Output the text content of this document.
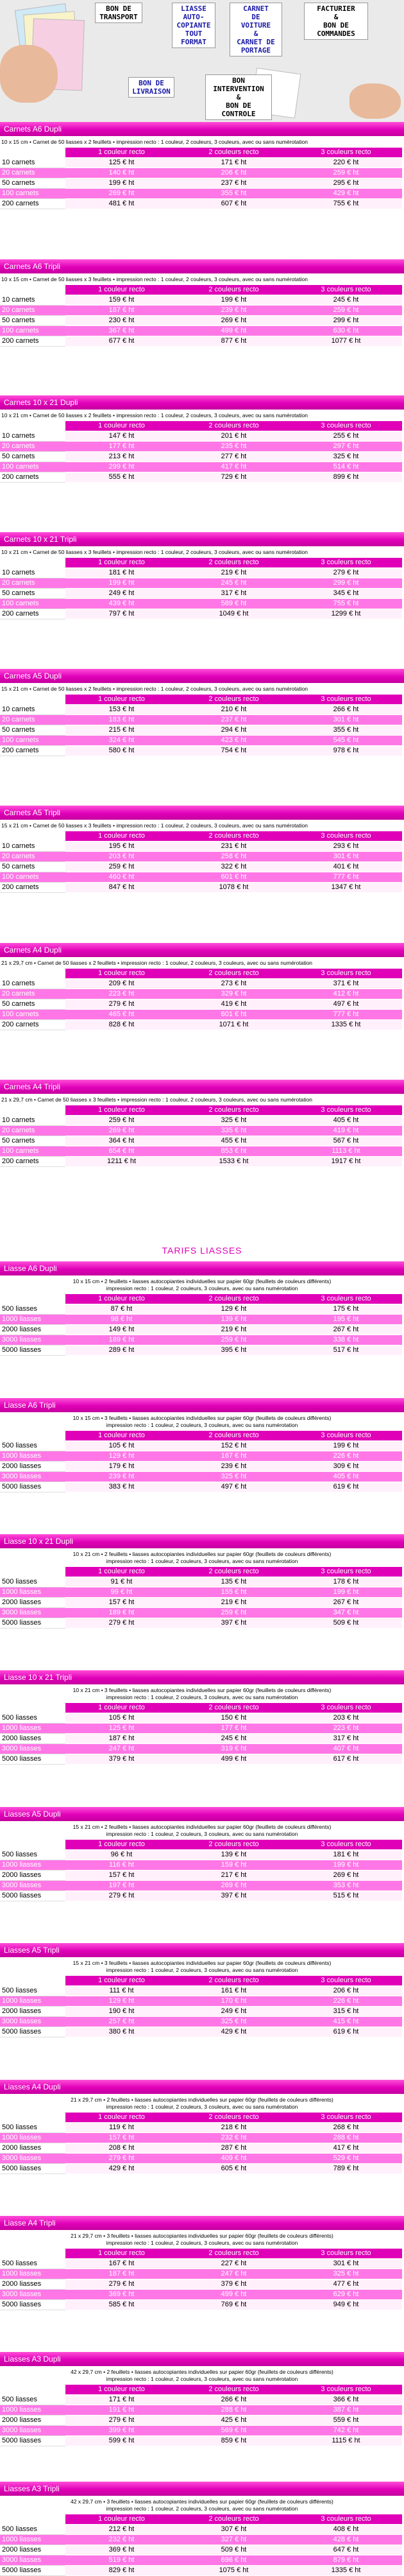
BON DE
TRANSPORT
LIASSE
AUTO-
COPIANTE
TOUT
FORMAT
CARNET
DE
VOITURE
&
CARNET DE
PORTAGE
FACTURIER
&
BON DE
COMMANDES
BON DE
LIVRAISON
BON
INTERVENTION
&
BON DE
CONTROLE
TARIFS LIASSES
Carnets A6 Dupli
10 x 15 cm • Carnet de 50 liasses x 2 feuillets • impression recto : 1 couleur, 2 couleurs, 3 couleurs, avec ou sans numérotation
	1 couleur recto	2 couleurs recto	3 couleurs recto
10 carnets	125 € ht	171 € ht	220 € ht
20 carnets	140 € ht	206 € ht	259 € ht
50 carnets	199 € ht	237 € ht	295 € ht
100 carnets	269 € ht	355 € ht	429 € ht
200 carnets	481 € ht	607 € ht	755 € ht
Carnets A6 Tripli
10 x 15 cm • Carnet de 50 liasses x 3 feuillets • impression recto : 1 couleur, 2 couleurs, 3 couleurs, avec ou sans numérotation
	1 couleur recto	2 couleurs recto	3 couleurs recto
10 carnets	159 € ht	199 € ht	245 € ht
20 carnets	187 € ht	239 € ht	259 € ht
50 carnets	230 € ht	269 € ht	299 € ht
100 carnets	367 € ht	499 € ht	630 € ht
200 carnets	677 € ht	877 € ht	1077 € ht
Carnets 10 x 21 Dupli
10 x 21 cm • Carnet de 50 liasses x 2 feuillets • impression recto : 1 couleur, 2 couleurs, 3 couleurs, avec ou sans numérotation
	1 couleur recto	2 couleurs recto	3 couleurs recto
10 carnets	147 € ht	201 € ht	255 € ht
20 carnets	177 € ht	235 € ht	297 € ht
50 carnets	213 € ht	277 € ht	325 € ht
100 carnets	299 € ht	417 € ht	514 € ht
200 carnets	555 € ht	729 € ht	899 € ht
Carnets 10 x 21 Tripli
10 x 21 cm • Carnet de 50 liasses x 3 feuillets • impression recto : 1 couleur, 2 couleurs, 3 couleurs, avec ou sans numérotation
	1 couleur recto	2 couleurs recto	3 couleurs recto
10 carnets	181 € ht	219 € ht	279 € ht
20 carnets	199 € ht	245 € ht	299 € ht
50 carnets	249 € ht	317 € ht	345 € ht
100 carnets	439 € ht	589 € ht	755 € ht
200 carnets	797 € ht	1049 € ht	1299 € ht
Carnets A5 Dupli
15 x 21 cm • Carnet de 50 liasses x 2 feuillets • impression recto : 1 couleur, 2 couleurs, 3 couleurs, avec ou sans numérotation
	1 couleur recto	2 couleurs recto	3 couleurs recto
10 carnets	153 € ht	210 € ht	266 € ht
20 carnets	183 € ht	237 € ht	301 € ht
50 carnets	215 € ht	294 € ht	355 € ht
100 carnets	324 € ht	423 € ht	545 € ht
200 carnets	580 € ht	754 € ht	978 € ht
Carnets A5 Tripli
15 x 21 cm • Carnet de 50 liasses x 3 feuillets • impression recto : 1 couleur, 2 couleurs, 3 couleurs, avec ou sans numérotation
	1 couleur recto	2 couleurs recto	3 couleurs recto
10 carnets	195 € ht	231 € ht	293 € ht
20 carnets	203 € ht	258 € ht	301 € ht
50 carnets	259 € ht	322 € ht	401 € ht
100 carnets	460 € ht	601 € ht	777 € ht
200 carnets	847 € ht	1078 € ht	1347 € ht
Carnets A4 Dupli
21 x 29,7 cm • Carnet de 50 liasses x 2 feuillets • impression recto : 1 couleur, 2 couleurs, 3 couleurs, avec ou sans numérotation
	1 couleur recto	2 couleurs recto	3 couleurs recto
10 carnets	209 € ht	273 € ht	371 € ht
20 carnets	223 € ht	329 € ht	412 € ht
50 carnets	279 € ht	419 € ht	497 € ht
100 carnets	465 € ht	601 € ht	777 € ht
200 carnets	828 € ht	1071 € ht	1335 € ht
Carnets A4 Tripli
21 x 29,7 cm • Carnet de 50 liasses x 3 feuillets • impression recto : 1 couleur, 2 couleurs, 3 couleurs, avec ou sans numérotation
	1 couleur recto	2 couleurs recto	3 couleurs recto
10 carnets	259 € ht	325 € ht	405 € ht
20 carnets	269 € ht	335 € ht	419 € ht
50 carnets	364 € ht	455 € ht	567 € ht
100 carnets	654 € ht	853 € ht	1113 € ht
200 carnets	1211 € ht	1533 € ht	1917 € ht
Liasse A6 Dupli
10 x 15 cm • 2 feuillets • liasses autocopiantes individuelles sur papier 60gr (feuillets de couleurs différents)
impression recto : 1 couleur, 2 couleurs, 3 couleurs, avec ou sans numérotation
	1 couleur recto	2 couleurs recto	3 couleurs recto
500 liasses	87 € ht	129 € ht	175 € ht
1000 liasses	98 € ht	139 € ht	195 € ht
2000 liasses	149 € ht	219 € ht	267 € ht
3000 liasses	189 € ht	259 € ht	338 € ht
5000 liasses	289 € ht	395 € ht	517 € ht
Liasse A6 Tripli
10 x 15 cm • 3 feuillets • liasses autocopiantes individuelles sur papier 60gr (feuillets de couleurs différents)
impression recto : 1 couleur, 2 couleurs, 3 couleurs, avec ou sans numérotation
	1 couleur recto	2 couleurs recto	3 couleurs recto
500 liasses	105 € ht	152 € ht	199 € ht
1000 liasses	129 € ht	167 € ht	226 € ht
2000 liasses	179 € ht	239 € ht	309 € ht
3000 liasses	239 € ht	325 € ht	405 € ht
5000 liasses	383 € ht	497 € ht	619 € ht
Liasse 10 x 21 Dupli
10 x 21 cm • 2 feuillets • liasses autocopiantes individuelles sur papier 60gr (feuillets de couleurs différents)
impression recto : 1 couleur, 2 couleurs, 3 couleurs, avec ou sans numérotation
	1 couleur recto	2 couleurs recto	3 couleurs recto
500 liasses	91 € ht	135 € ht	178 € ht
1000 liasses	99 € ht	155 € ht	199 € ht
2000 liasses	157 € ht	219 € ht	267 € ht
3000 liasses	189 € ht	259 € ht	347 € ht
5000 liasses	279 € ht	397 € ht	509 € ht
Liasse 10 x 21 Tripli
10 x 21 cm • 3 feuillets • liasses autocopiantes individuelles sur papier 60gr (feuillets de couleurs différents)
impression recto : 1 couleur, 2 couleurs, 3 couleurs, avec ou sans numérotation
	1 couleur recto	2 couleurs recto	3 couleurs recto
500 liasses	105 € ht	150 € ht	203 € ht
1000 liasses	125 € ht	177 € ht	223 € ht
2000 liasses	187 € ht	245 € ht	317 € ht
3000 liasses	247 € ht	319 € ht	407 € ht
5000 liasses	379 € ht	499 € ht	617 € ht
Liasses A5 Dupli
15 x 21 cm • 2 feuillets • liasses autocopiantes individuelles sur papier 60gr (feuillets de couleurs différents)
impression recto : 1 couleur, 2 couleurs, 3 couleurs, avec ou sans numérotation
	1 couleur recto	2 couleurs recto	3 couleurs recto
500 liasses	96 € ht	139 € ht	181 € ht
1000 liasses	116 € ht	159 € ht	199 € ht
2000 liasses	157 € ht	217 € ht	269 € ht
3000 liasses	197 € ht	269 € ht	353 € ht
5000 liasses	279 € ht	397 € ht	515 € ht
Liasses A5 Tripli
15 x 21 cm • 3 feuillets • liasses autocopiantes individuelles sur papier 60gr (feuillets de couleurs différents)
impression recto : 1 couleur, 2 couleurs, 3 couleurs, avec ou sans numérotation
	1 couleur recto	2 couleurs recto	3 couleurs recto
500 liasses	111 € ht	161 € ht	206 € ht
1000 liasses	129 € ht	170 € ht	226 € ht
2000 liasses	190 € ht	249 € ht	315 € ht
3000 liasses	257 € ht	325 € ht	415 € ht
5000 liasses	380 € ht	429 € ht	619 € ht
Liasses A4 Dupli
21 x 29,7 cm • 2 feuillets • liasses autocopiantes individuelles sur papier 60gr (feuillets de couleurs différents)
impression recto : 1 couleur, 2 couleurs, 3 couleurs, avec ou sans numérotation
	1 couleur recto	2 couleurs recto	3 couleurs recto
500 liasses	119 € ht	218 € ht	268 € ht
1000 liasses	157 € ht	232 € ht	288 € ht
2000 liasses	208 € ht	287 € ht	417 € ht
3000 liasses	279 € ht	409 € ht	529 € ht
5000 liasses	429 € ht	605 € ht	789 € ht
Liasse A4 Tripli
21 x 29,7 cm • 3 feuillets • liasses autocopiantes individuelles sur papier 60gr (feuillets de couleurs différents)
impression recto : 1 couleur, 2 couleurs, 3 couleurs, avec ou sans numérotation
	1 couleur recto	2 couleurs recto	3 couleurs recto
500 liasses	167 € ht	227 € ht	301 € ht
1000 liasses	187 € ht	247 € ht	325 € ht
2000 liasses	279 € ht	379 € ht	477 € ht
3000 liasses	369 € ht	499 € ht	629 € ht
5000 liasses	585 € ht	769 € ht	949 € ht
Liasses A3 Dupli
42 x 29,7 cm • 2 feuillets • liasses autocopiantes individuelles sur papier 60gr (feuillets de couleurs différents)
impression recto : 1 couleur, 2 couleurs, 3 couleurs, avec ou sans numérotation
	1 couleur recto	2 couleurs recto	3 couleurs recto
500 liasses	171 € ht	266 € ht	366 € ht
1000 liasses	191 € ht	288 € ht	387 € ht
2000 liasses	279 € ht	425 € ht	559 € ht
3000 liasses	399 € ht	569 € ht	742 € ht
5000 liasses	599 € ht	859 € ht	1115 € ht
Liasses A3 Tripli
42 x 29,7 cm • 3 feuillets • liasses autocopiantes individuelles sur papier 60gr (feuillets de couleurs différents)
impression recto : 1 couleur, 2 couleurs, 3 couleurs, avec ou sans numérotation
	1 couleur recto	2 couleurs recto	3 couleurs recto
500 liasses	212 € ht	307 € ht	408 € ht
1000 liasses	232 € ht	327 € ht	428 € ht
2000 liasses	369 € ht	509 € ht	647 € ht
3000 liasses	519 € ht	696 € ht	879 € ht
5000 liasses	829 € ht	1075 € ht	1335 € ht
